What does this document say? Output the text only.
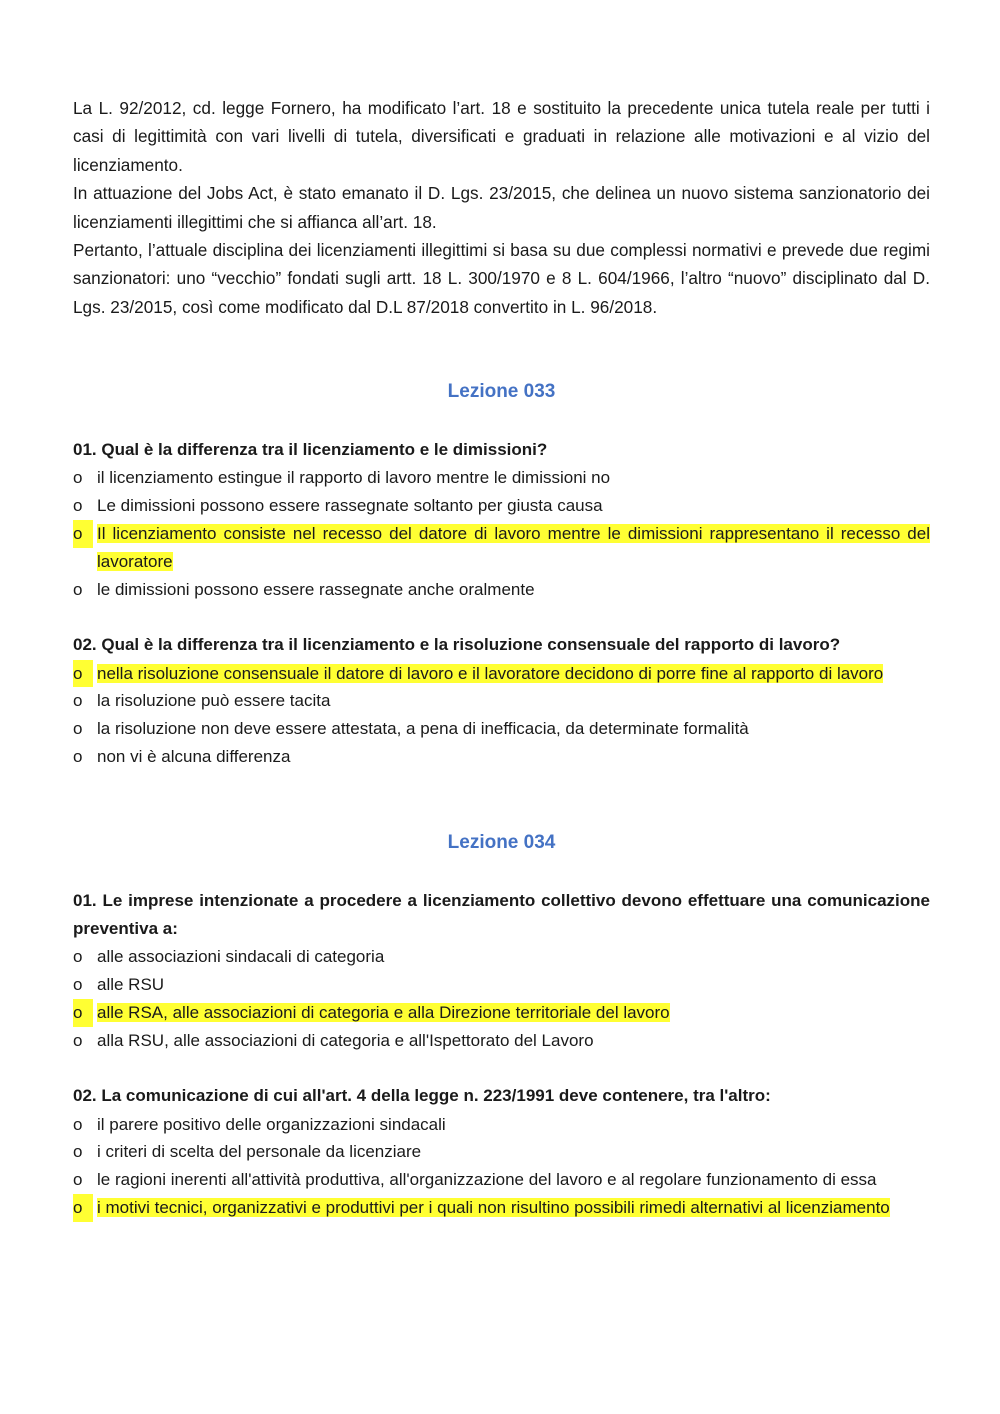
La L. 92/2012, cd. legge Fornero, ha modificato l’art. 18 e sostituito la precedente unica tutela reale per tutti i casi di legittimità con vari livelli di tutela, diversificati e graduati in relazione alle motivazioni e al vizio del licenziamento.

In attuazione del Jobs Act, è stato emanato il D. Lgs. 23/2015, che delinea un nuovo sistema sanzionatorio dei licenziamenti illegittimi che si affianca all’art. 18.

Pertanto, l’attuale disciplina dei licenziamenti illegittimi si basa su due complessi normativi e prevede due regimi sanzionatori: uno “vecchio” fondati sugli artt. 18 L. 300/1970 e 8 L. 604/1966, l’altro “nuovo” disciplinato dal D. Lgs. 23/2015, così come modificato dal D.L 87/2018 convertito in L. 96/2018.

Lezione 033

01. Qual è la differenza tra il licenziamento e le dimissioni?

o il licenziamento estingue il rapporto di lavoro mentre le dimissioni no
o Le dimissioni possono essere rassegnate soltanto per giusta causa
o Il licenziamento consiste nel recesso del datore di lavoro mentre le dimissioni rappresentano il recesso del lavoratore
o le dimissioni possono essere rassegnate anche oralmente

02. Qual è la differenza tra il licenziamento e la risoluzione consensuale del rapporto di lavoro?

o nella risoluzione consensuale il datore di lavoro e il lavoratore decidono di porre fine al rapporto di lavoro
o la risoluzione può essere tacita
o la risoluzione non deve essere attestata, a pena di inefficacia, da determinate formalità
o non vi è alcuna differenza
Lezione 034

01. Le imprese intenzionate a procedere a licenziamento collettivo devono effettuare una comunicazione preventiva a:

o alle associazioni sindacali di categoria
o alle RSU
o alle RSA, alle associazioni di categoria e alla Direzione territoriale del lavoro
o alla RSU, alle associazioni di categoria e all'Ispettorato del Lavoro

02. La comunicazione di cui all'art. 4 della legge n. 223/1991 deve contenere, tra l'altro:

o il parere positivo delle organizzazioni sindacali
o i criteri di scelta del personale da licenziare
o le ragioni inerenti all'attività produttiva, all'organizzazione del lavoro e al regolare funzionamento di essa
o i motivi tecnici, organizzativi e produttivi per i quali non risultino possibili rimedi alternativi al licenziamento
